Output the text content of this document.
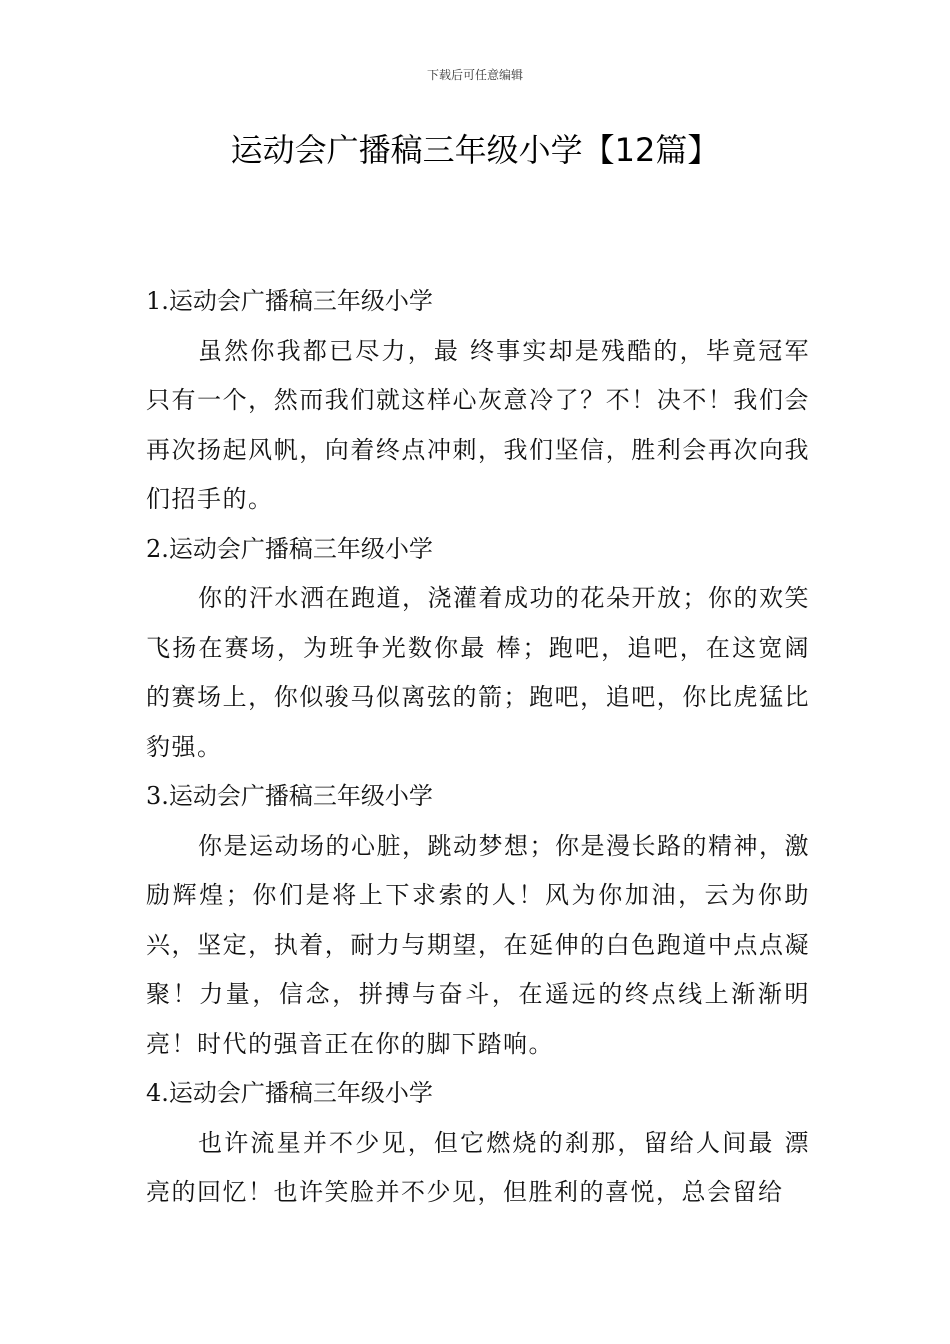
下载后可任意编辑
运动会广播稿三年级小学【12篇】

1.运动会广播稿三年级小学

虽然你我都已尽力，最 终事实却是残酷的，毕竟冠军只有一个，然而我们就这样心灰意冷了？不！决不！我们会再次扬起风帆，向着终点冲刺，我们坚信，胜利会再次向我们招手的。

2.运动会广播稿三年级小学

你的汗水洒在跑道，浇灌着成功的花朵开放；你的欢笑飞扬在赛场，为班争光数你最 棒；跑吧，追吧，在这宽阔的赛场上，你似骏马似离弦的箭；跑吧，追吧，你比虎猛比豹强。

3.运动会广播稿三年级小学

你是运动场的心脏，跳动梦想；你是漫长路的精神，激励辉煌；你们是将上下求索的人！风为你加油，云为你助兴，坚定，执着，耐力与期望，在延伸的白色跑道中点点凝聚！力量，信念，拼搏与奋斗，在遥远的终点线上渐渐明亮！时代的强音正在你的脚下踏响。

4.运动会广播稿三年级小学

也许流星并不少见，但它燃烧的刹那，留给人间最 漂亮的回忆！也许笑脸并不少见，但胜利的喜悦，总会留给
